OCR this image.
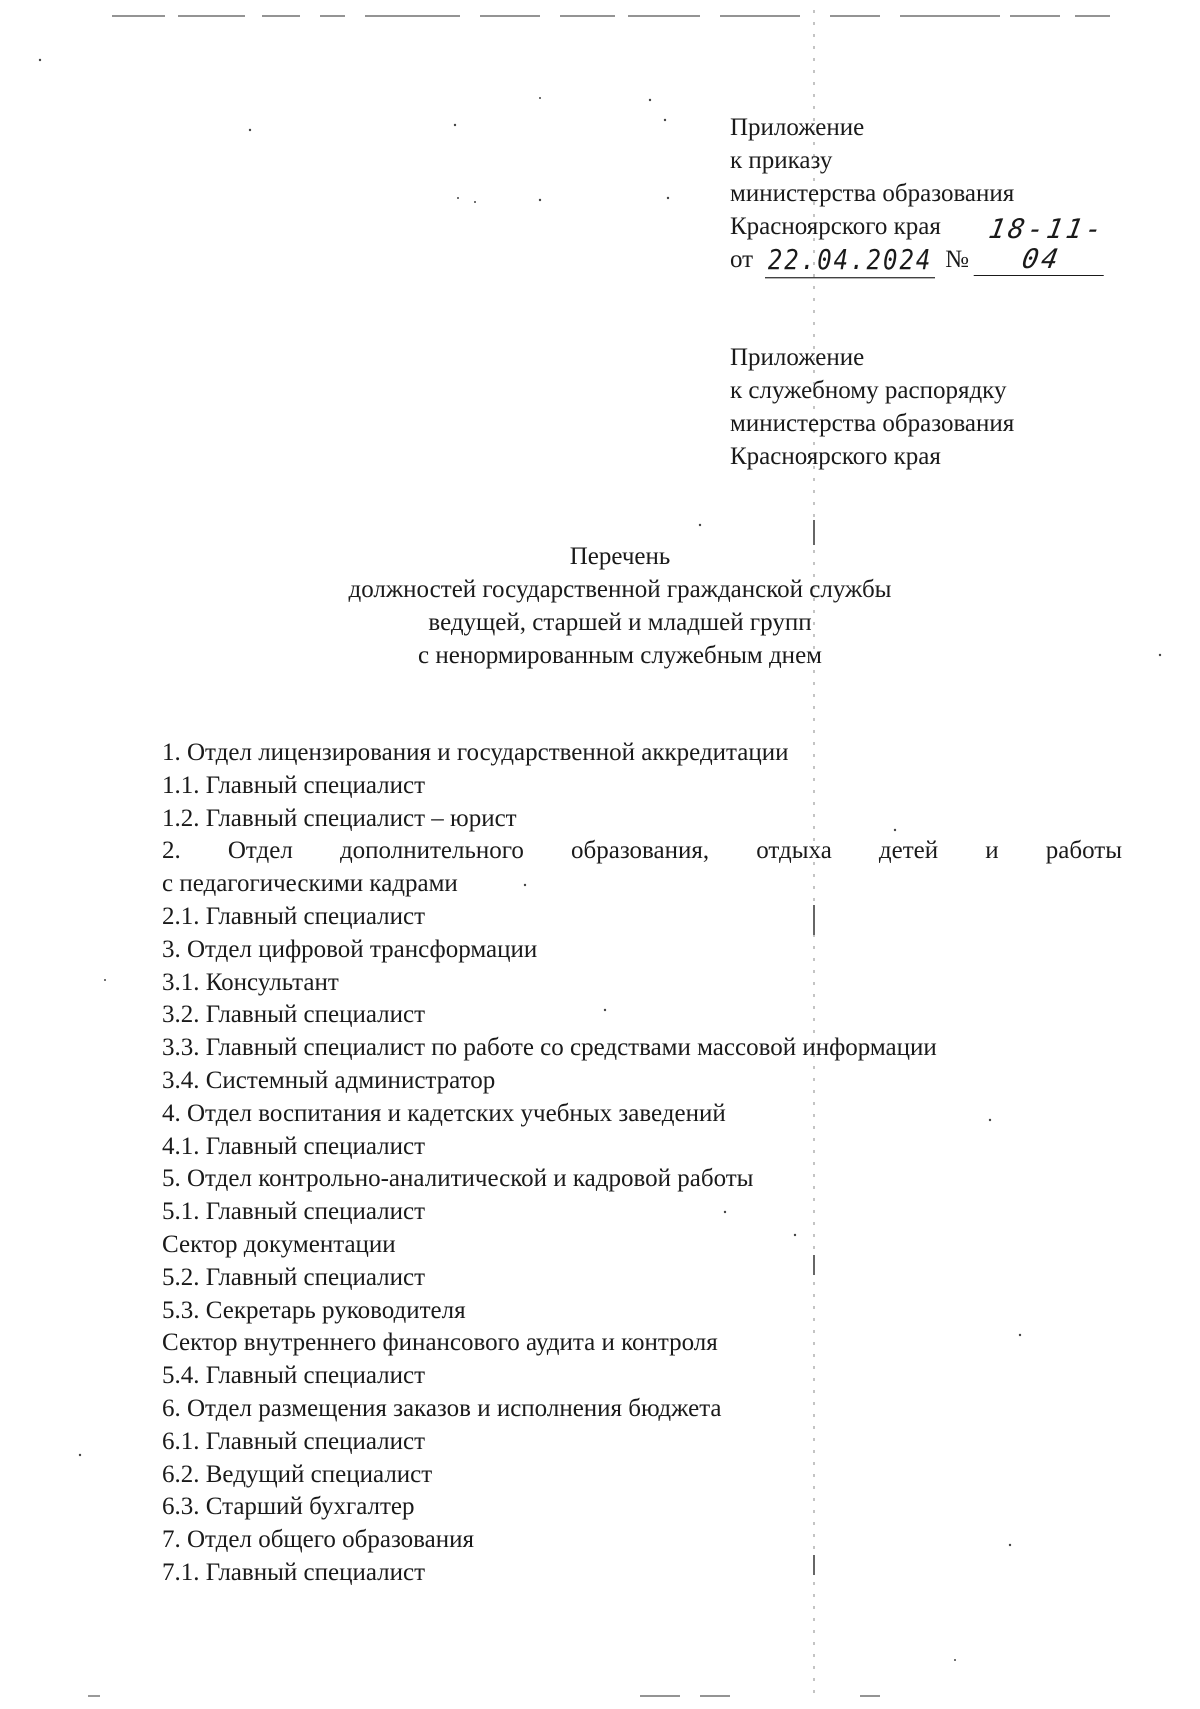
Приложение
к приказу
министерства образования
Красноярского края
от 22.04.2024 №
18-11-04
Приложение
к служебному распорядку
министерства образования
Красноярского края
Перечень
должностей государственной гражданской службы
ведущей, старшей и младшей групп
с ненормированным служебным днем
1. Отдел лицензирования и государственной аккредитации
1.1. Главный специалист
1.2. Главный специалист – юрист
2. Отдел дополнительного образования, отдыха детей и работы
с педагогическими кадрами
2.1. Главный специалист
3. Отдел цифровой трансформации
3.1. Консультант
3.2. Главный специалист
3.3. Главный специалист по работе со средствами массовой информации
3.4. Системный администратор
4. Отдел воспитания и кадетских учебных заведений
4.1. Главный специалист
5. Отдел контрольно-аналитической и кадровой работы
5.1. Главный специалист
Сектор документации
5.2. Главный специалист
5.3. Секретарь руководителя
Сектор внутреннего финансового аудита и контроля
5.4. Главный специалист
6. Отдел размещения заказов и исполнения бюджета
6.1. Главный специалист
6.2. Ведущий специалист
6.3. Старший бухгалтер
7. Отдел общего образования
7.1. Главный специалист
